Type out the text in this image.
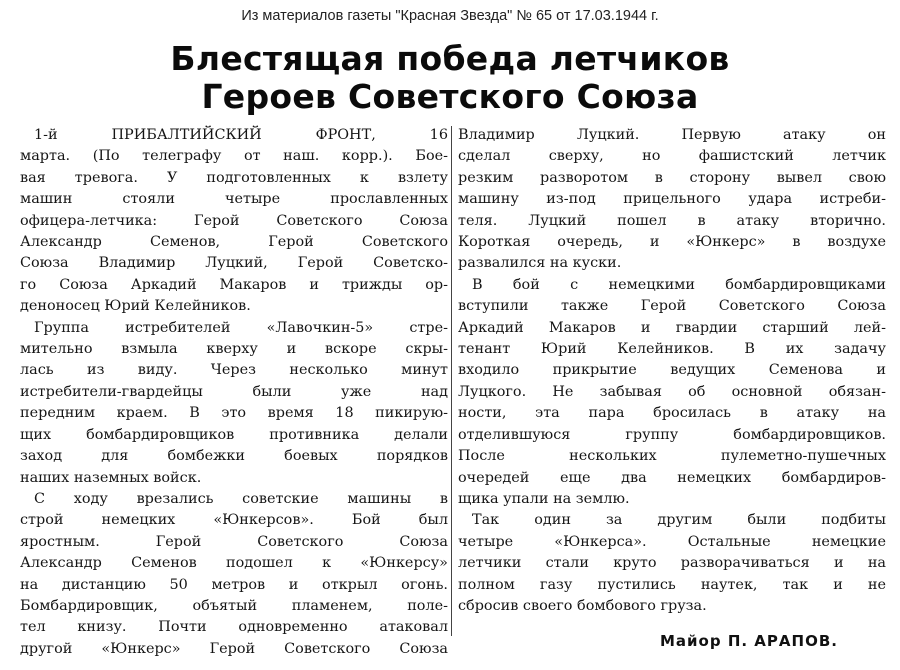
Из материалов газеты "Красная Звезда" № 65 от 17.03.1944 г.
Блестящая победа летчиков
Героев Советского Союза
1-й ПРИБАЛТИЙСКИЙ ФРОНТ, 16
марта. (По телеграфу от наш. корр.). Боe-
вая тревога. У подготовленных к взлету
машин стояли четыре прославленных
офицера-летчика: Герой Советского Союза
Александр Семенов, Герой Советского
Союза Владимир Луцкий, Герой Советско-
го Союза Аркадий Макаров и трижды ор-
деноносец Юрий Келейников.
Группа истребителей «Лавочкин-5» стре-
мительно взмыла кверху и вскоре скры-
лась из виду. Через несколько минут
истребители-гвардейцы были уже над
передним краем. В это время 18 пикирую-
щих бомбардировщиков противника делали
заход для бомбежки боевых порядков
наших наземных войск.
С ходу врезались советские машины в
строй немецких «Юнкерсов». Бой был
яростным. Герой Советского Союза
Александр Семенов подошел к «Юнкерсу»
на дистанцию 50 метров и открыл огонь.
Бомбардировщик, объятый пламенем, поле-
тел книзу. Почти одновременно атаковал
другой «Юнкерс» Герой Советского Союза
Владимир Луцкий. Первую атаку он
сделал сверху, но фашистский летчик
резким разворотом в сторону вывел свою
машину из-под прицельного удара истреби-
теля. Луцкий пошел в атаку вторично.
Короткая очередь, и «Юнкерс» в воздухе
развалился на куски.
В бой с немецкими бомбардировщиками
вступили также Герой Советского Союза
Аркадий Макаров и гвардии старший лей-
тенант Юрий Келейников. В их задачу
входило прикрытие ведущих Семенова и
Луцкого. Не забывая об основной обязан-
ности, эта пара бросилась в атаку на
отделившуюся группу бомбардировщиков.
После нескольких пулеметно-пушечных
очередей еще два немецких бомбардиров-
щика упали на землю.
Так один за другим были подбиты
четыре «Юнкерса». Остальные немецкие
летчики стали круто разворачиваться и на
полном газу пустились наутек, так и не
сбросив своего бомбового груза.
Майор П. АРАПОВ.
